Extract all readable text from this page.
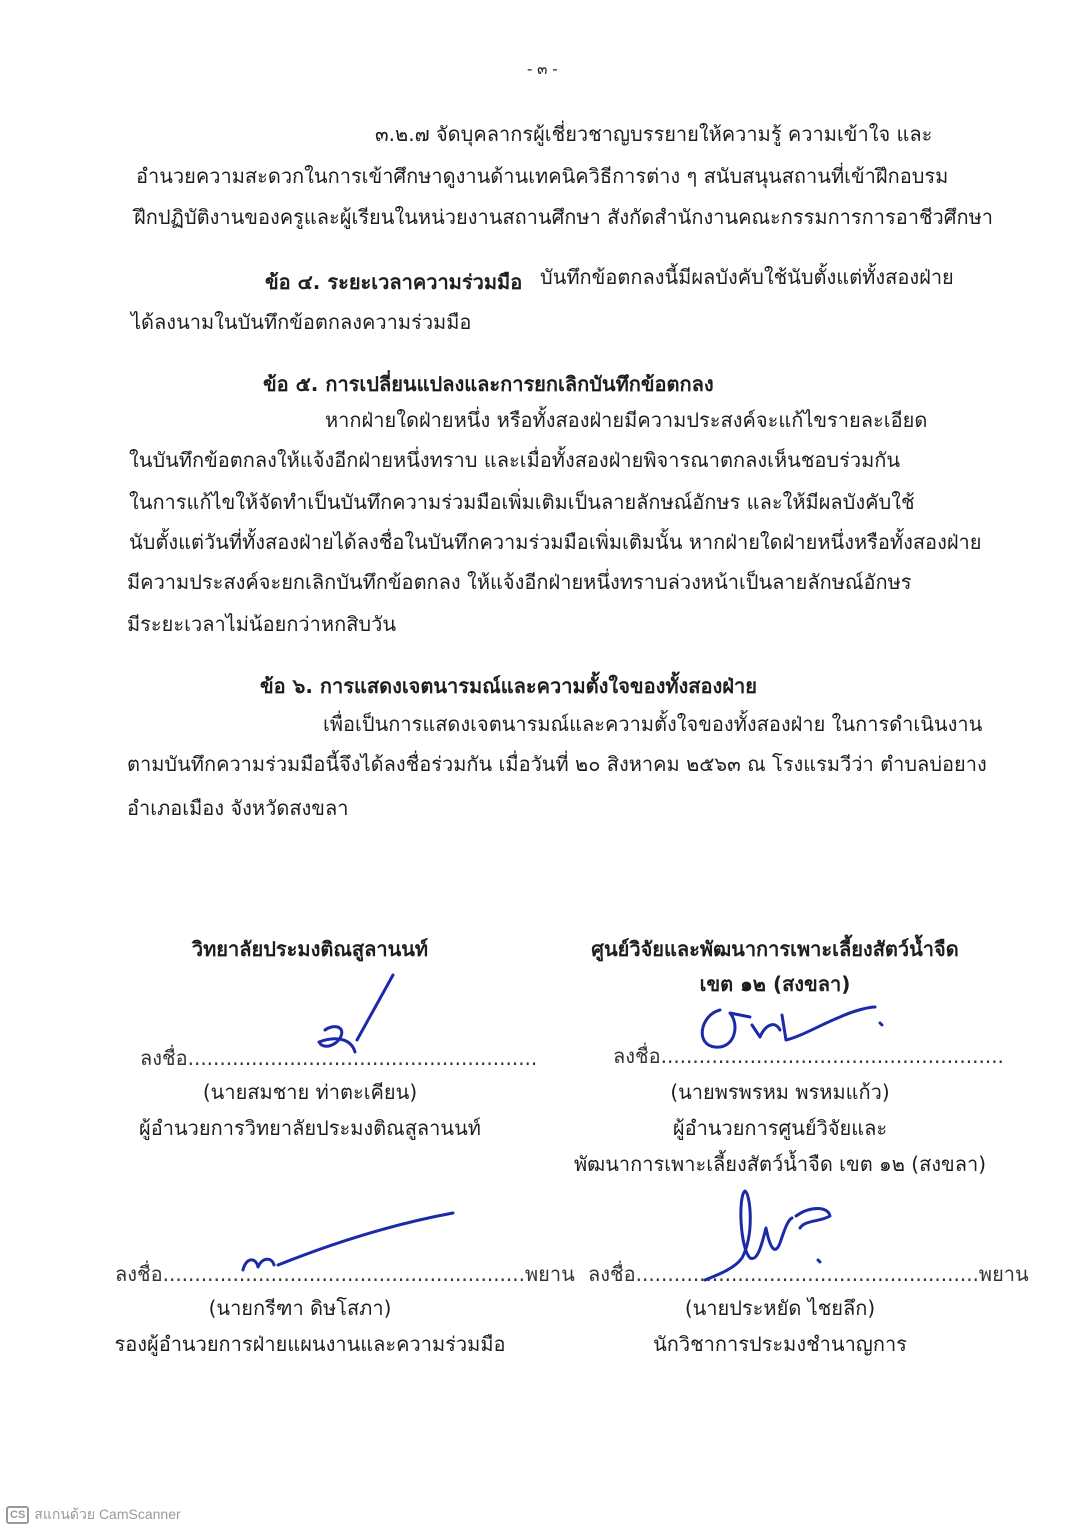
- ๓ -
๓.๒.๗ จัดบุคลากรผู้เชี่ยวชาญบรรยายให้ความรู้ ความเข้าใจ และ
อำนวยความสะดวกในการเข้าศึกษาดูงานด้านเทคนิควิธีการต่าง ๆ สนับสนุนสถานที่เข้าฝึกอบรม
ฝึกปฏิบัติงานของครูและผู้เรียนในหน่วยงานสถานศึกษา สังกัดสำนักงานคณะกรรมการการอาชีวศึกษา
ข้อ ๔. ระยะเวลาความร่วมมือ บันทึกข้อตกลงนี้มีผลบังคับใช้นับตั้งแต่ทั้งสองฝ่าย
ได้ลงนามในบันทึกข้อตกลงความร่วมมือ
ข้อ ๕. การเปลี่ยนแปลงและการยกเลิกบันทึกข้อตกลง
หากฝ่ายใดฝ่ายหนึ่ง หรือทั้งสองฝ่ายมีความประสงค์จะแก้ไขรายละเอียด
ในบันทึกข้อตกลงให้แจ้งอีกฝ่ายหนึ่งทราบ และเมื่อทั้งสองฝ่ายพิจารณาตกลงเห็นชอบร่วมกัน
ในการแก้ไขให้จัดทำเป็นบันทึกความร่วมมือเพิ่มเติมเป็นลายลักษณ์อักษร และให้มีผลบังคับใช้
นับตั้งแต่วันที่ทั้งสองฝ่ายได้ลงชื่อในบันทึกความร่วมมือเพิ่มเติมนั้น หากฝ่ายใดฝ่ายหนึ่งหรือทั้งสองฝ่าย
มีความประสงค์จะยกเลิกบันทึกข้อตกลง ให้แจ้งอีกฝ่ายหนึ่งทราบล่วงหน้าเป็นลายลักษณ์อักษร
มีระยะเวลาไม่น้อยกว่าหกสิบวัน
ข้อ ๖. การแสดงเจตนารมณ์และความตั้งใจของทั้งสองฝ่าย
เพื่อเป็นการแสดงเจตนารมณ์และความตั้งใจของทั้งสองฝ่าย ในการดำเนินงาน
ตามบันทึกความร่วมมือนี้จึงได้ลงชื่อร่วมกัน เมื่อวันที่ ๒๐ สิงหาคม ๒๕๖๓ ณ โรงแรมวีว่า ตำบลบ่อยาง
อำเภอเมือง จังหวัดสงขลา
วิทยาลัยประมงติณสูลานนท์
ลงชื่อ.......................................................
(นายสมชาย ท่าตะเคียน)
ผู้อำนวยการวิทยาลัยประมงติณสูลานนท์
ลงชื่อ.........................................................พยาน
(นายกรีฑา ดิษโสภา)
รองผู้อำนวยการฝ่ายแผนงานและความร่วมมือ
ศูนย์วิจัยและพัฒนาการเพาะเลี้ยงสัตว์น้ำจืด
เขต ๑๒ (สงขลา)
ลงชื่อ......................................................
(นายพรพรหม พรหมแก้ว)
ผู้อำนวยการศูนย์วิจัยและ
พัฒนาการเพาะเลี้ยงสัตว์น้ำจืด เขต ๑๒ (สงขลา)
ลงชื่อ......................................................พยาน
(นายประหยัด ไชยลึก)
นักวิชาการประมงชำนาญการ
CS สแกนด้วย CamScanner
